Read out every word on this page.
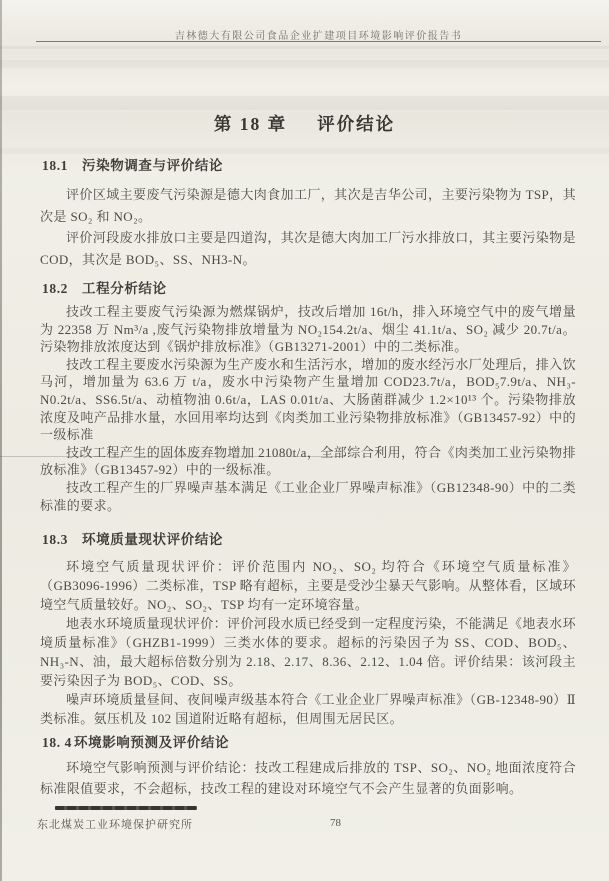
吉林德大有限公司食品企业扩建项目环境影响评价报告书
第 18 章 评价结论
18.1 污染物调查与评价结论

评价区域主要废气污染源是德大肉食加工厂，其次是吉华公司，主要污染物为 TSP，其次是 SO₂ 和 NO₂。

评价河段废水排放口主要是四道沟，其次是德大肉加工厂污水排放口，其主要污染物是 COD，其次是 BOD₅、SS、NH3-N。

18.2 工程分析结论

技改工程主要废气污染源为燃煤锅炉，技改后增加 16t/h，排入环境空气中的废气增量为 22358 万 Nm³/a ,废气污染物排放增量为 NO₂154.2t/a、烟尘 41.1t/a、SO₂ 减少 20.7t/a。污染物排放浓度达到《锅炉排放标准》（GB13271-2001）中的二类标准。

技改工程主要废水污染源为生产废水和生活污水，增加的废水经污水厂处理后，排入饮马河，增加量为 63.6 万 t/a，废水中污染物产生量增加 COD23.7t/a，BOD₅7.9t/a、NH₃-N0.2t/a、SS6.5t/a、动植物油 0.6t/a，LAS 0.01t/a、大肠菌群减少 1.2×10¹³ 个。污染物排放浓度及吨产品排水量，水回用率均达到《肉类加工业污染物排放标准》（GB13457-92）中的一级标准

技改工程产生的固体废弃物增加 21080t/a，全部综合利用，符合《肉类加工业污染物排放标准》（GB13457-92）中的一级标准。

技改工程产生的厂界噪声基本满足《工业企业厂界噪声标准》（GB12348-90）中的二类标准的要求。

18.3 环境质量现状评价结论

环境空气质量现状评价：评价范围内 NO₂、SO₂ 均符合《环境空气质量标准》（GB3096-1996）二类标准，TSP 略有超标，主要是受沙尘暴天气影响。从整体看，区域环境空气质量较好。NO₂、SO₂、TSP 均有一定环境容量。

地表水环境质量现状评价：评价河段水质已经受到一定程度污染，不能满足《地表水环境质量标准》（GHZB1-1999）三类水体的要求。超标的污染因子为 SS、COD、BOD₅、NH₃-N、油，最大超标倍数分别为 2.18、2.17、8.36、2.12、1.04 倍。评价结果：该河段主要污染因子为 BOD₅、COD、SS。

噪声环境质量昼间、夜间噪声级基本符合《工业企业厂界噪声标准》（GB-12348-90）Ⅱ类标准。氨压机及 102 国道附近略有超标，但周围无居民区。

18. 4 环境影响预测及评价结论

环境空气影响预测与评价结论：技改工程建成后排放的 TSP、SO₂、NO₂ 地面浓度符合标准限值要求，不会超标，技改工程的建设对环境空气不会产生显著的负面影响。

东北煤炭工业环境保护研究所	78
